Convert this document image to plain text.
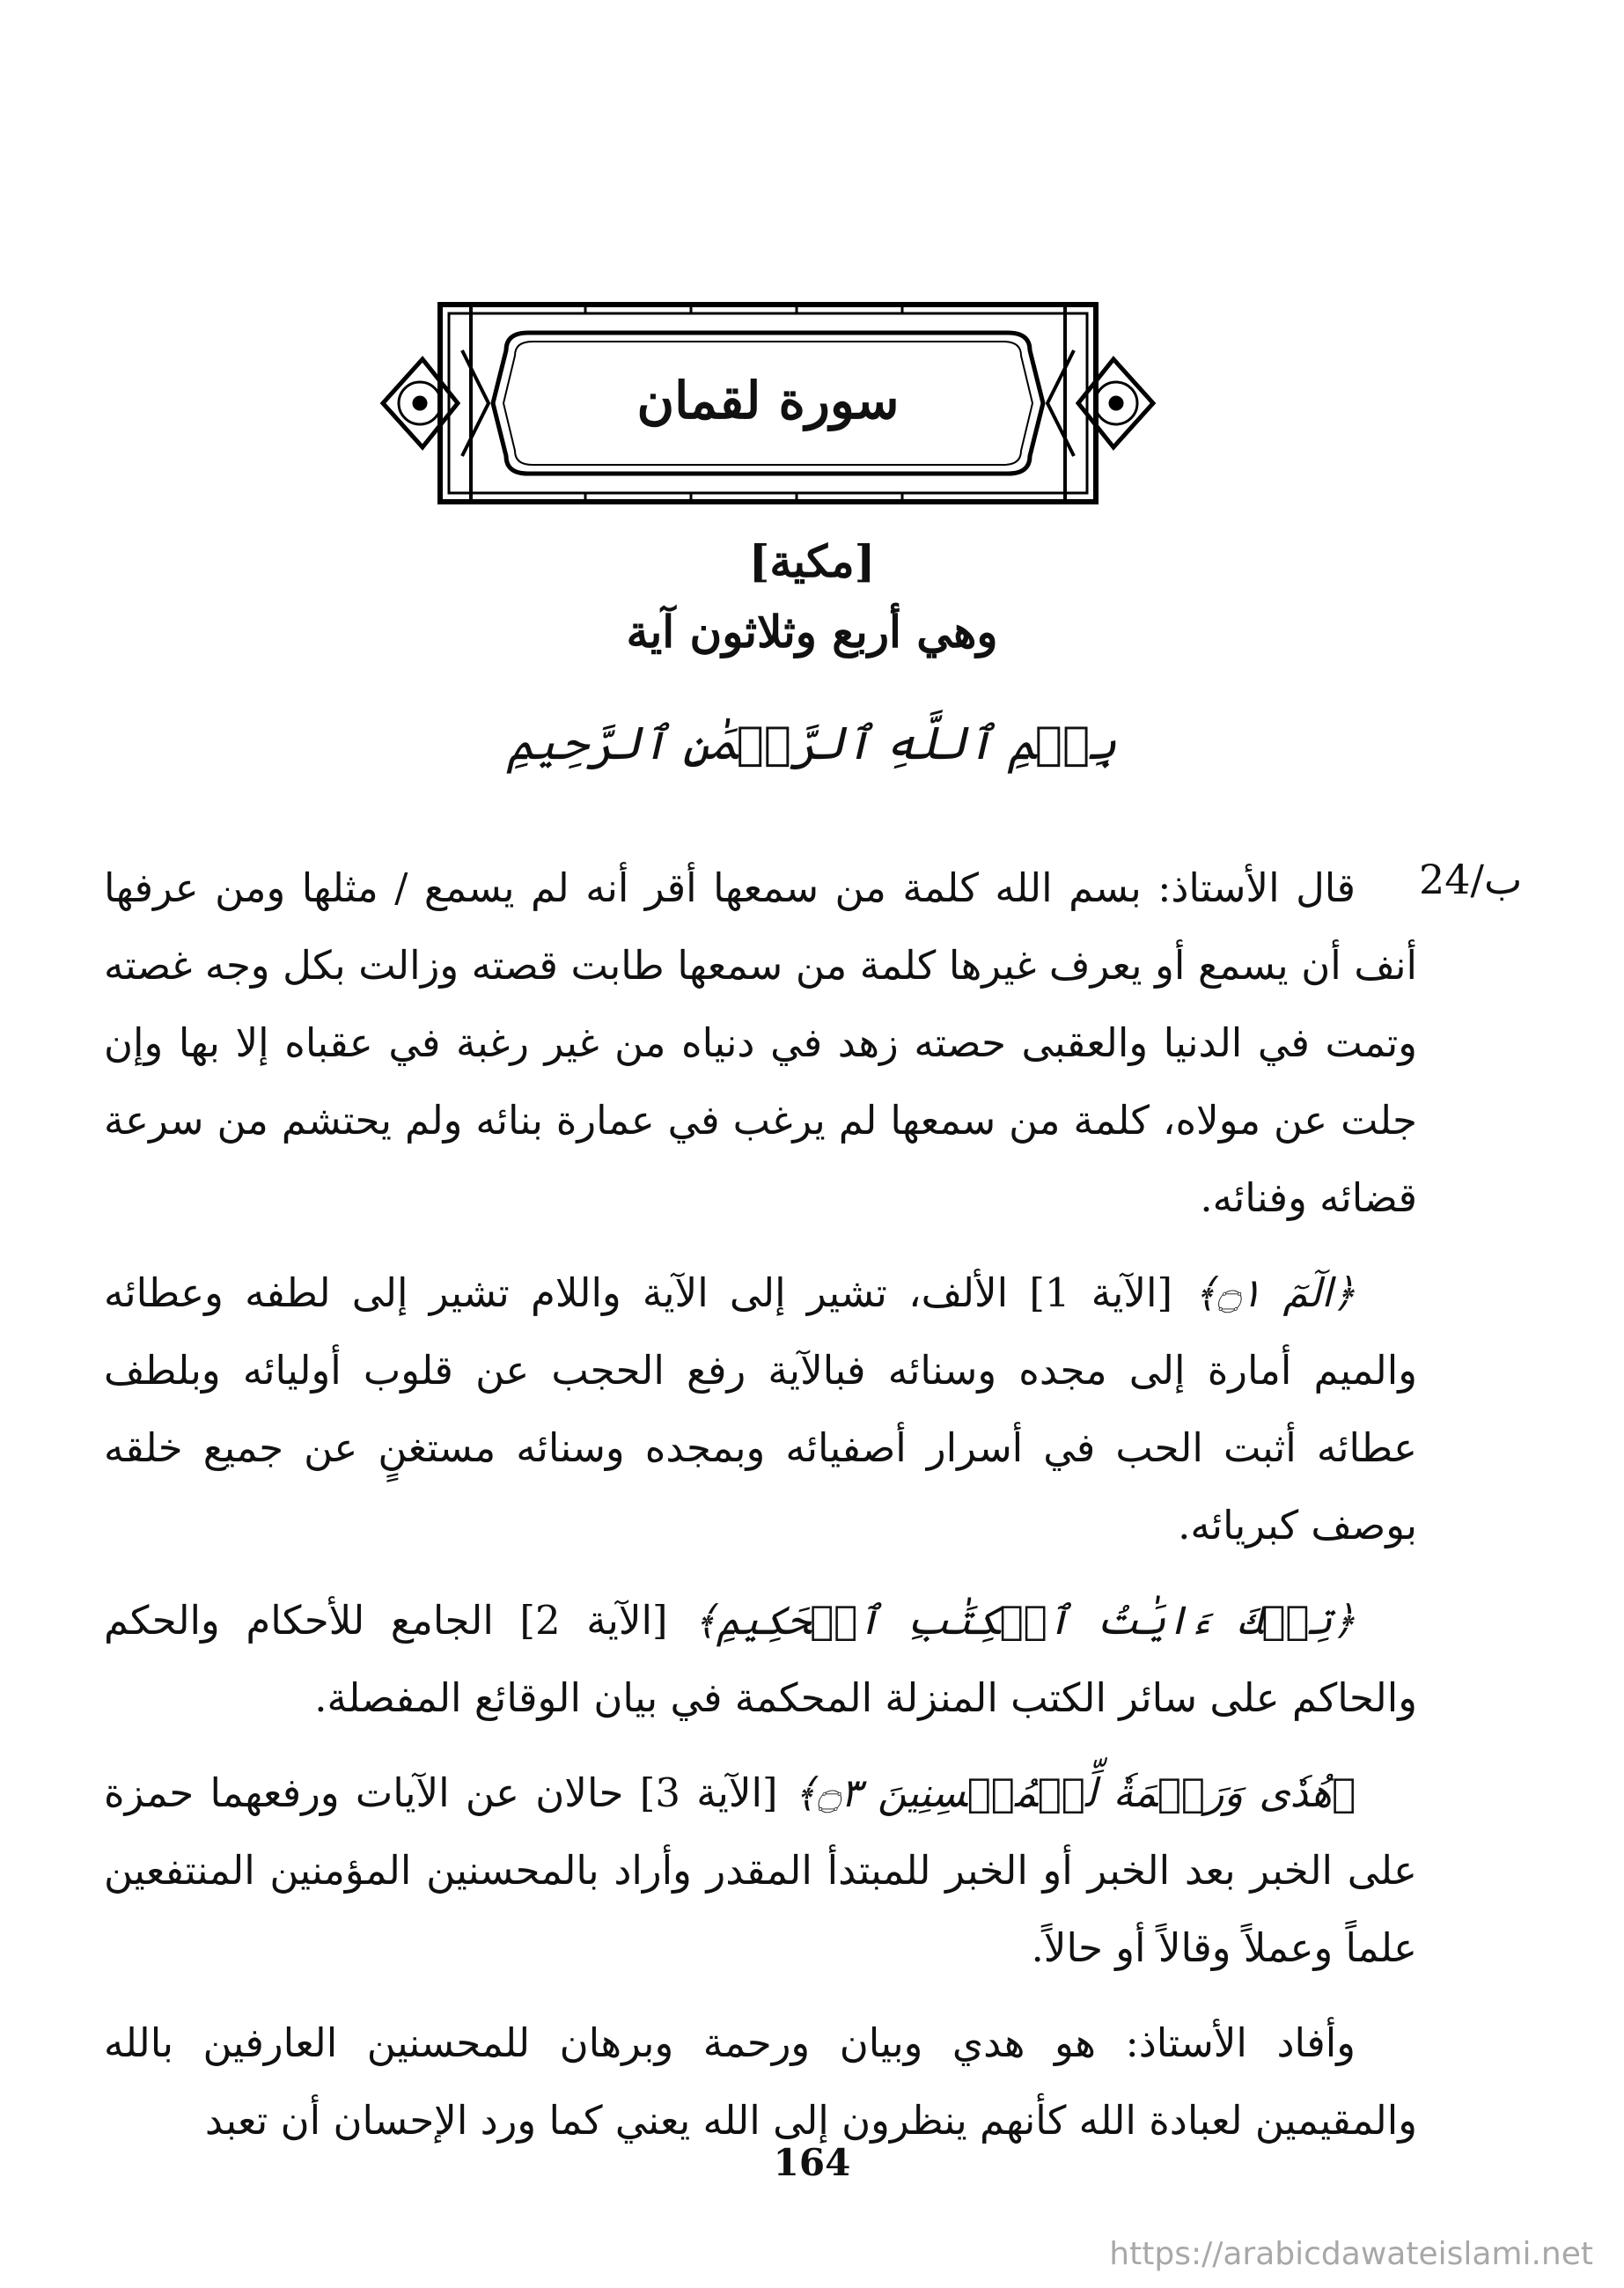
سورة لقمان
[مكية]
وهي أربع وثلاثون آية
بِسۡمِ ٱللَّهِ ٱلرَّحۡمَٰنِ ٱلرَّحِيمِ
24/ب

قال الأستاذ: بسم الله كلمة من سمعها أقر أنه لم يسمع / مثلها ومن عرفها أنف أن يسمع أو يعرف غيرها كلمة من سمعها طابت قصته وزالت بكل وجه غصته وتمت في الدنيا والعقبى حصته زهد في دنياه من غير رغبة في عقباه إلا بها وإن جلت عن مولاه، كلمة من سمعها لم يرغب في عمارة بنائه ولم يحتشم من سرعة قضائه وفنائه.

﴿الٓمٓ ۝١﴾ [الآية 1] الألف، تشير إلى الآية واللام تشير إلى لطفه وعطائه والميم أمارة إلى مجده وسنائه فبالآية رفع الحجب عن قلوب أوليائه وبلطف عطائه أثبت الحب في أسرار أصفيائه وبمجده وسنائه مستغنٍ عن جميع خلقه بوصف كبريائه.

﴿تِلۡكَ ءَايَٰتُ ٱلۡكِتَٰبِ ٱلۡحَكِيمِ﴾ [الآية 2] الجامع للأحكام والحكم والحاكم على سائر الكتب المنزلة المحكمة في بيان الوقائع المفصلة.

﴿هُدٗى وَرَحۡمَةٗ لِّلۡمُحۡسِنِينَ ۝٣﴾ [الآية 3] حالان عن الآيات ورفعهما حمزة على الخبر بعد الخبر أو الخبر للمبتدأ المقدر وأراد بالمحسنين المؤمنين المنتفعين علماً وعملاً وقالاً أو حالاً.

وأفاد الأستاذ: هو هدي وبيان ورحمة وبرهان للمحسنين العارفين بالله والمقيمين لعبادة الله كأنهم ينظرون إلى الله يعني كما ورد الإحسان أن تعبد

164
https://arabicdawateislami.net
